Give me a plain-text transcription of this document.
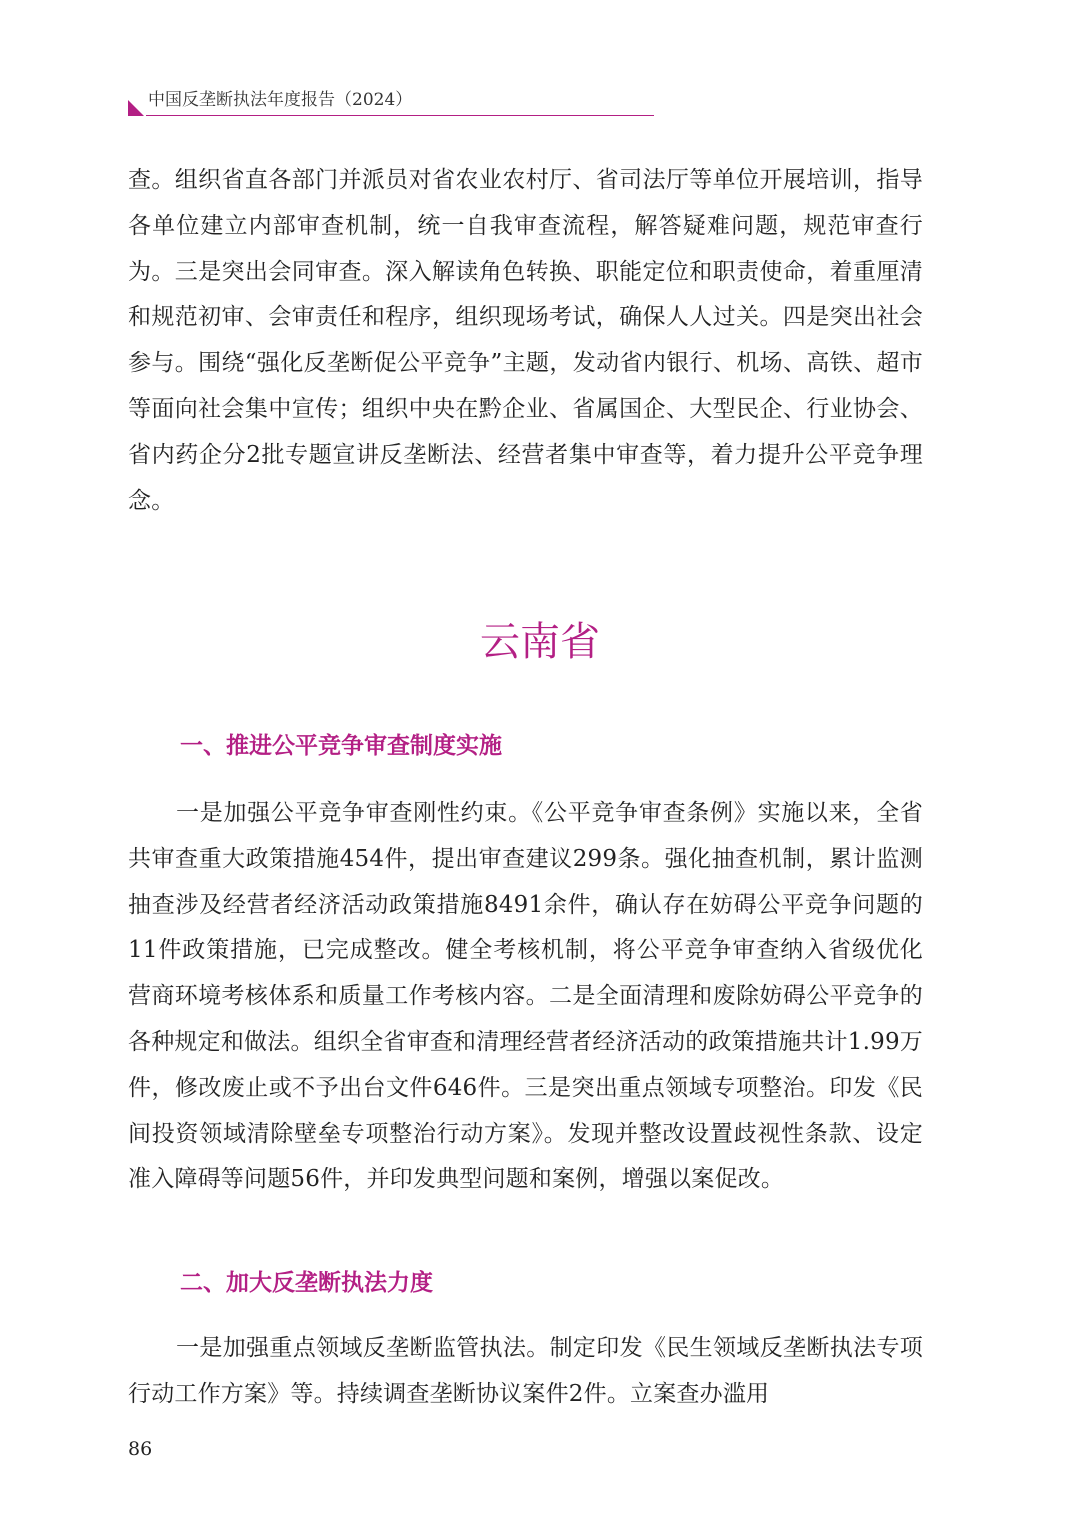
中国反垄断执法年度报告（2024）

查。组织省直各部门并派员对省农业农村厅、省司法厅等单位开展培训，指导各单位建立内部审查机制，统一自我审查流程，解答疑难问题，规范审查行为。三是突出会同审查。深入解读角色转换、职能定位和职责使命，着重厘清和规范初审、会审责任和程序，组织现场考试，确保人人过关。四是突出社会参与。围绕“强化反垄断促公平竞争”主题，发动省内银行、机场、高铁、超市等面向社会集中宣传；组织中央在黔企业、省属国企、大型民企、行业协会、省内药企分2批专题宣讲反垄断法、经营者集中审查等，着力提升公平竞争理念。

云南省
一、推进公平竞争审查制度实施

一是加强公平竞争审查刚性约束。《公平竞争审查条例》实施以来，全省共审查重大政策措施454件，提出审查建议299条。强化抽查机制，累计监测抽查涉及经营者经济活动政策措施8491余件，确认存在妨碍公平竞争问题的11件政策措施，已完成整改。健全考核机制，将公平竞争审查纳入省级优化营商环境考核体系和质量工作考核内容。二是全面清理和废除妨碍公平竞争的各种规定和做法。组织全省审查和清理经营者经济活动的政策措施共计1.99万件，修改废止或不予出台文件646件。三是突出重点领域专项整治。印发《民间投资领域清除壁垒专项整治行动方案》。发现并整改设置歧视性条款、设定准入障碍等问题56件，并印发典型问题和案例，增强以案促改。

二、加大反垄断执法力度

一是加强重点领域反垄断监管执法。制定印发《民生领域反垄断执法专项行动工作方案》等。持续调查垄断协议案件2件。立案查办滥用

86
